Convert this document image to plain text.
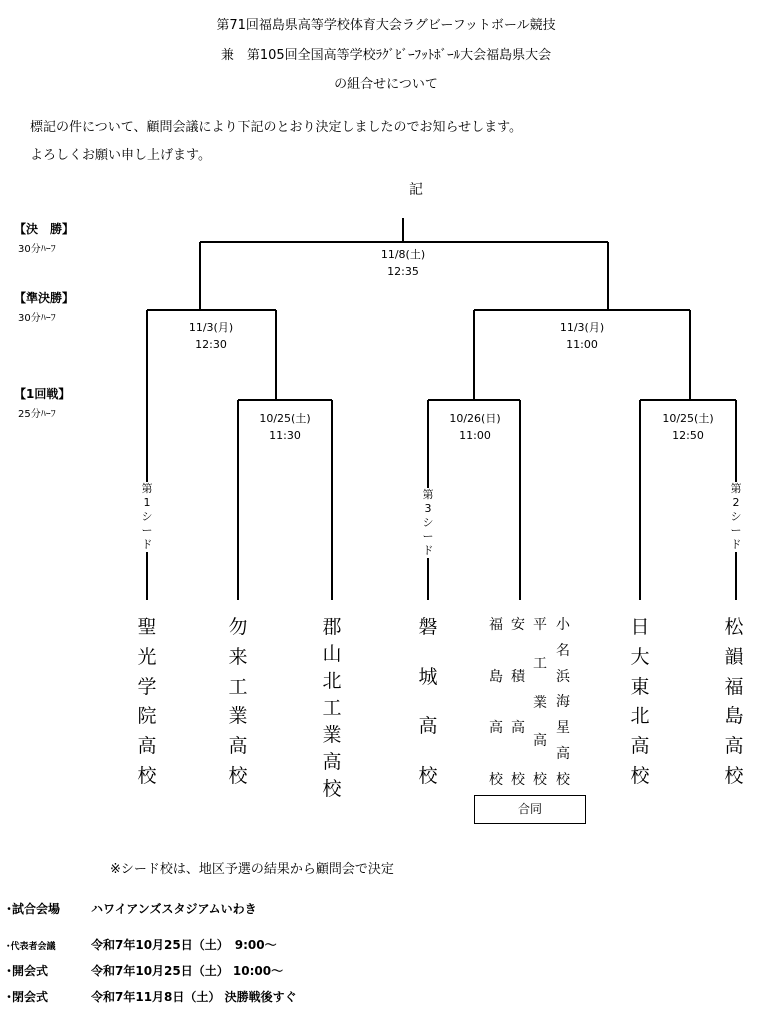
第71回福島県高等学校体育大会ラグビーフットボール競技
兼　第105回全国高等学校ﾗｸﾞﾋﾞｰﾌｯﾄﾎﾞｰﾙ大会福島県大会
の組合せについて
標記の件について、顧問会議により下記のとおり決定しましたのでお知らせします。
よろしくお願い申し上げます。
記
【決　勝】
30分ﾊｰﾌ
【準決勝】
30分ﾊｰﾌ
【1回戦】
25分ﾊｰﾌ
11/8(土)
12:35
11/3(月)
12:30
11/3(月)
11:00
10/25(土)
11:30
10/26(日)
11:00
10/25(土)
12:50
第
1
シ
ー
ド
第
3
シ
ー
ド
第
2
シ
ー
ド
聖
光
学
院
高
校
勿
来
工
業
高
校
郡
山
北
工
業
高
校
磐
城
高
校
福
島
高
校
安
積
高
校
平
工
業
高
校
小
名
浜
海
星
高
校
合同
日
大
東
北
高
校
松
韻
福
島
高
校
※シード校は、地区予選の結果から顧問会で決定
･試合会場	ハワイアンズスタジアムいわき
･代表者会議	令和7年10月25日（土）　9:00～
･開会式	令和7年10月25日（土） 10:00～
･閉会式	令和7年11月8日（土） 決勝戦後すぐ
